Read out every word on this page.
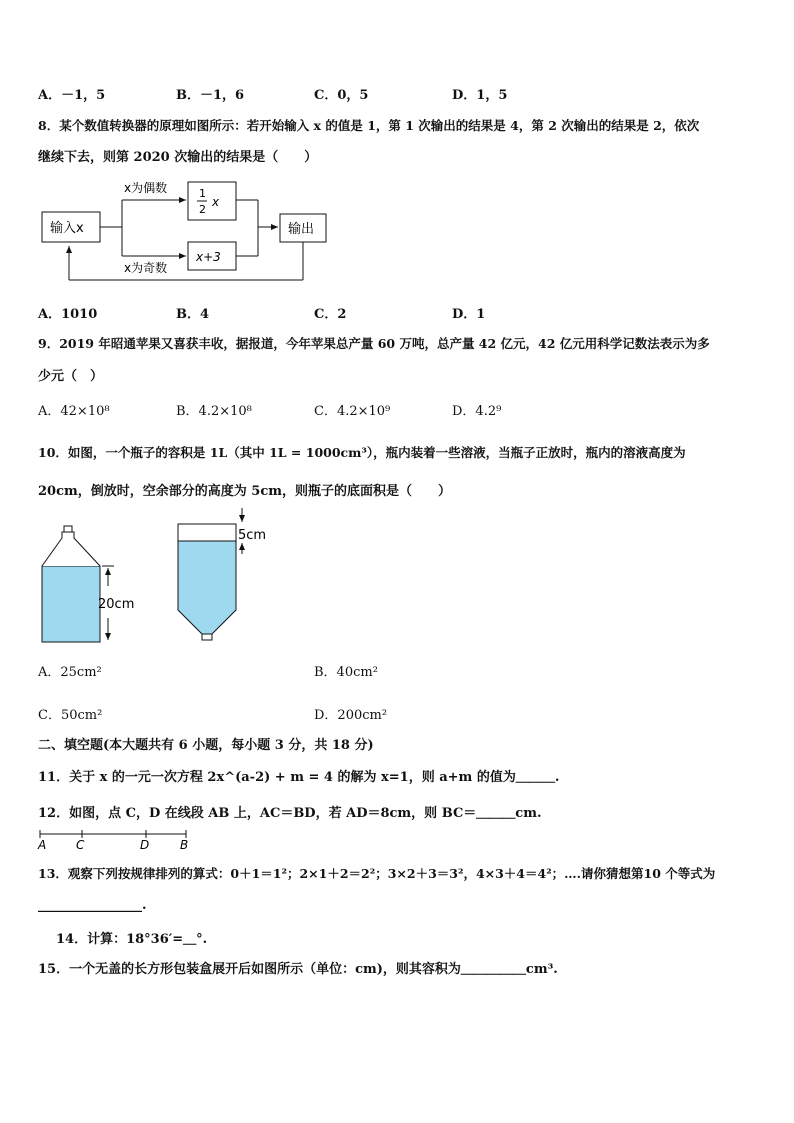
A．－1，5	B．－1，6	C．0，5	D．1，5
8．某个数值转换器的原理如图所示：若开始输入 x 的值是 1，第 1 次输出的结果是 4，第 2 次输出的结果是 2，依次
继续下去，则第 2020 次输出的结果是（　　）
输入x
x为偶数
x为奇数
1
2
x
x+3
输出
A．1010	B．4	C．2	D．1
9．2019 年昭通苹果又喜获丰收，据报道，今年苹果总产量 60 万吨，总产量 42 亿元，42 亿元用科学记数法表示为多
少元（　）
A．42×10⁸	B．4.2×10⁸	C．4.2×10⁹	D．4.2⁹
10．如图，一个瓶子的容积是 1L（其中 1L = 1000cm³），瓶内装着一些溶液，当瓶子正放时，瓶内的溶液高度为
20cm，倒放时，空余部分的高度为 5cm，则瓶子的底面积是（　　）
20cm
5cm
A．25cm²	B．40cm²
C．50cm²	D．200cm²
二、填空题(本大题共有 6 小题，每小题 3 分，共 18 分)
11．关于 x 的一元一次方程 2x^(a-2) + m = 4 的解为 x=1，则 a+m 的值为＿＿＿.
12．如图，点 C，D 在线段 AB 上，AC＝BD，若 AD＝8cm，则 BC＝＿＿＿cm.
A C	D	B
13．观察下列按规律排列的算式：0＋1＝1²；2×1＋2＝2²；3×2＋3＝3²，4×3＋4＝4²；….请你猜想第10 个等式为
________________.
14．计算：18°36′=＿°.
15．一个无盖的长方形包装盒展开后如图所示（单位：cm)，则其容积为＿＿＿＿＿cm³.
